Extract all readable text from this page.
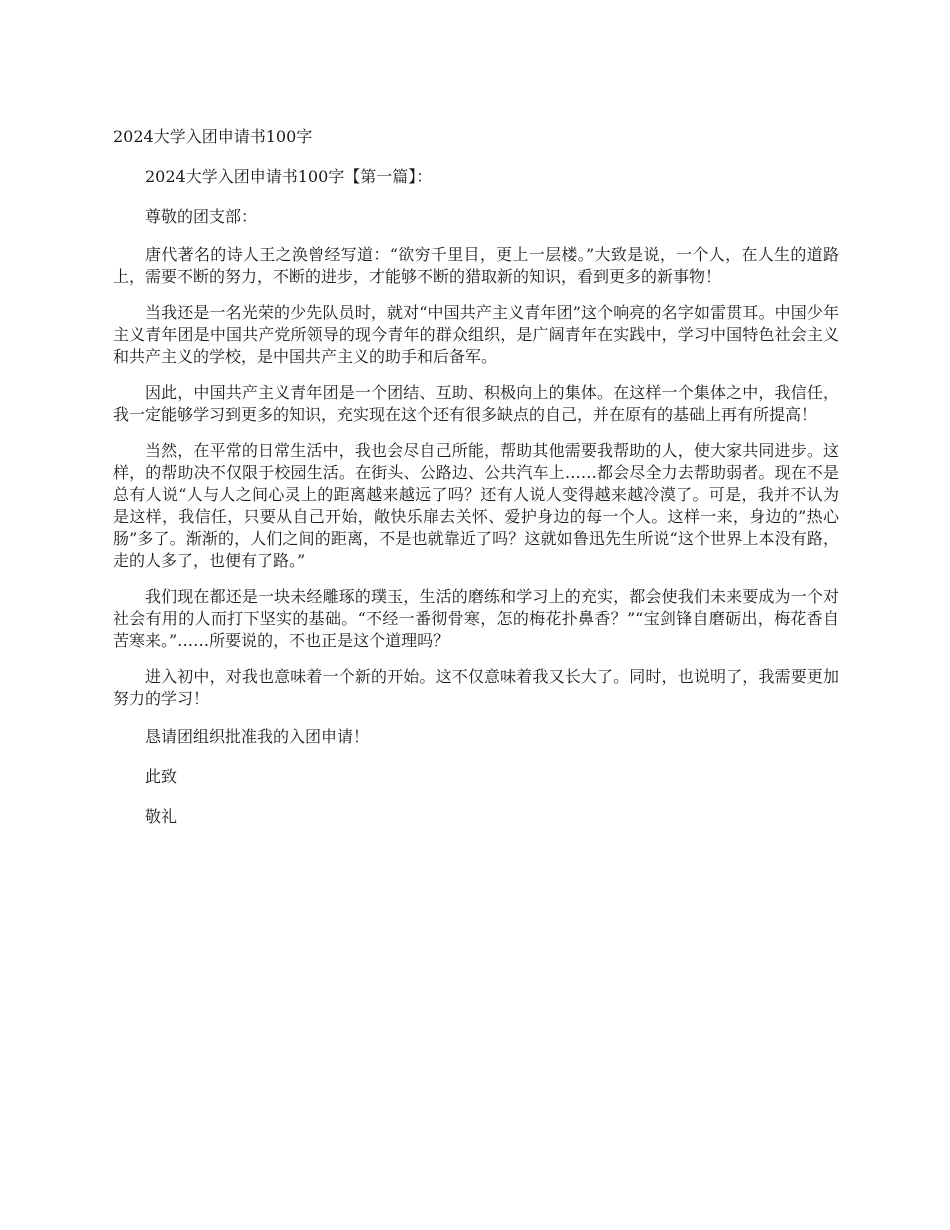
2024大学入团申请书100字

2024大学入团申请书100字【第一篇】：

尊敬的团支部：

唐代著名的诗人王之涣曾经写道：“欲穷千里目，更上一层楼。”大致是说，一个人，在人生的道路上，需要不断的努力，不断的进步，才能够不断的猎取新的知识，看到更多的新事物！

当我还是一名光荣的少先队员时，就对“中国共产主义青年团”这个响亮的名字如雷贯耳。中国少年主义青年团是中国共产党所领导的现今青年的群众组织，是广阔青年在实践中，学习中国特色社会主义和共产主义的学校，是中国共产主义的助手和后备军。

因此，中国共产主义青年团是一个团结、互助、积极向上的集体。在这样一个集体之中，我信任，我一定能够学习到更多的知识，充实现在这个还有很多缺点的自己，并在原有的基础上再有所提高！

当然，在平常的日常生活中，我也会尽自己所能，帮助其他需要我帮助的人，使大家共同进步。这样，的帮助决不仅限于校园生活。在街头、公路边、公共汽车上……都会尽全力去帮助弱者。现在不是总有人说“人与人之间心灵上的距离越来越远了吗？还有人说人变得越来越冷漠了。可是，我并不认为是这样，我信任，只要从自己开始，敞快乐扉去关怀、爱护身边的每一个人。这样一来，身边的”热心肠”多了。渐渐的，人们之间的距离，不是也就靠近了吗？这就如鲁迅先生所说“这个世界上本没有路，走的人多了，也便有了路。”

我们现在都还是一块未经雕琢的璞玉，生活的磨练和学习上的充实，都会使我们未来要成为一个对社会有用的人而打下坚实的基础。“不经一番彻骨寒，怎的梅花扑鼻香？”“宝剑锋自磨砺出，梅花香自苦寒来。”……所要说的，不也正是这个道理吗？

进入初中，对我也意味着一个新的开始。这不仅意味着我又长大了。同时，也说明了，我需要更加努力的学习！

恳请团组织批准我的入团申请！

此致

敬礼
